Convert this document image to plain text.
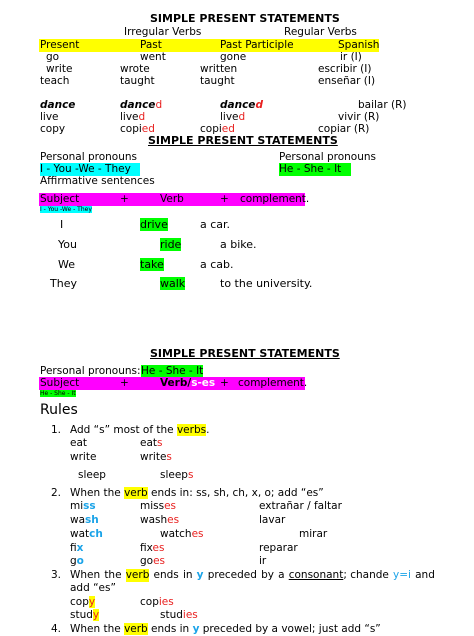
SIMPLE PRESENT STATEMENTS
Irregular Verbs	Regular Verbs
Present	Past	Past Participle	Spanish
go	went	gone	ir (I)
write	wrote	written	escribir (I)
teach	taught	taught	enseñar (I)
dance	danced	danced	bailar (R)
live	lived	lived	vivir (R)
copy	copied	copied	copiar (R)
SIMPLE PRESENT STATEMENTS
Personal pronouns	Personal pronouns
I - You -We - They	He - She - It
Affirmative sentences
Subject	+	Verb	+ complement.
I - You -We - They
I	drive	a car.
You	ride	a bike.
We	take	a cab.
They	walk	to the university.
SIMPLE PRESENT STATEMENTS
Personal pronouns: He - She - It
Subject	+	Verb/s-es + complement.
He - She - It
Rules
1. Add “s” most of the verbs.
eat	eats
write	writes
sleep	sleeps
2. When the verb ends in: ss, sh, ch, x, o; add “es”
miss	misses	extrañar / faltar
wash	washes	lavar
watch	watches	mirar
fix	fixes	reparar
go	goes	ir
3. When the verb ends in y preceded by a consonant; chande y=i and
add “es”
copy	copies
study	studies
4. When the verb ends in y preceded by a vowel; just add “s”
